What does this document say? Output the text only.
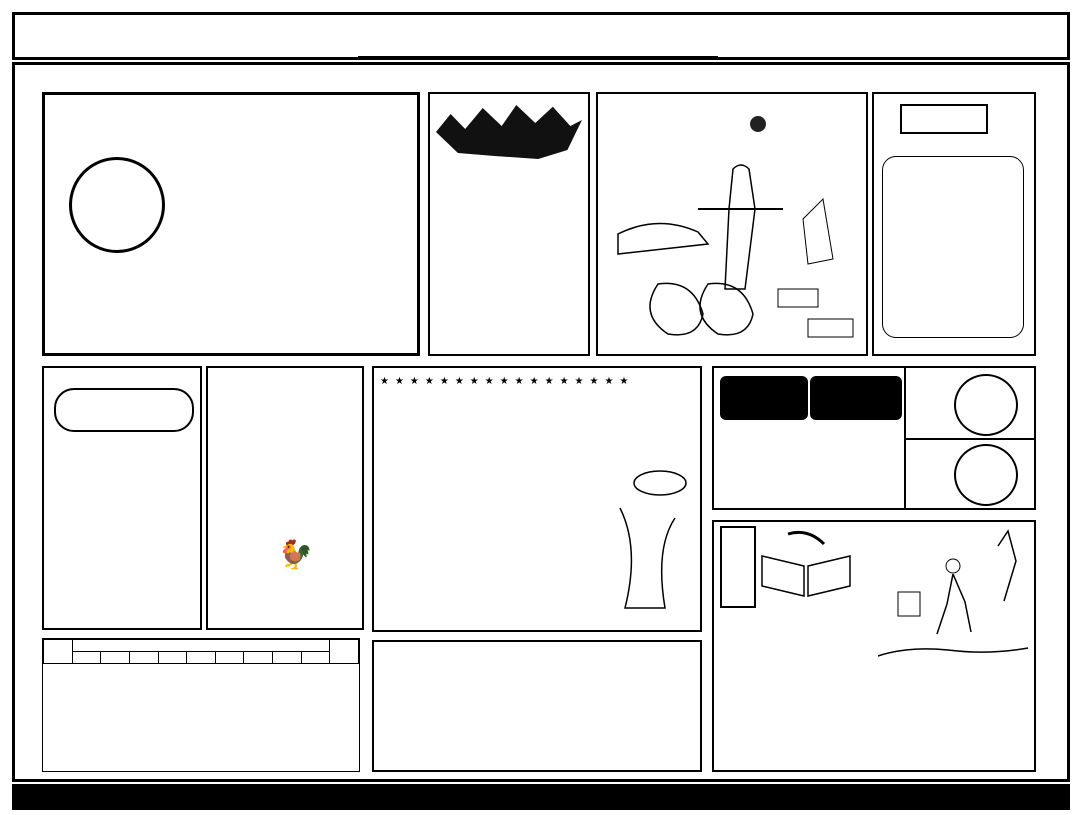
🐓
★★★★★★★★★★★★★★★★★
